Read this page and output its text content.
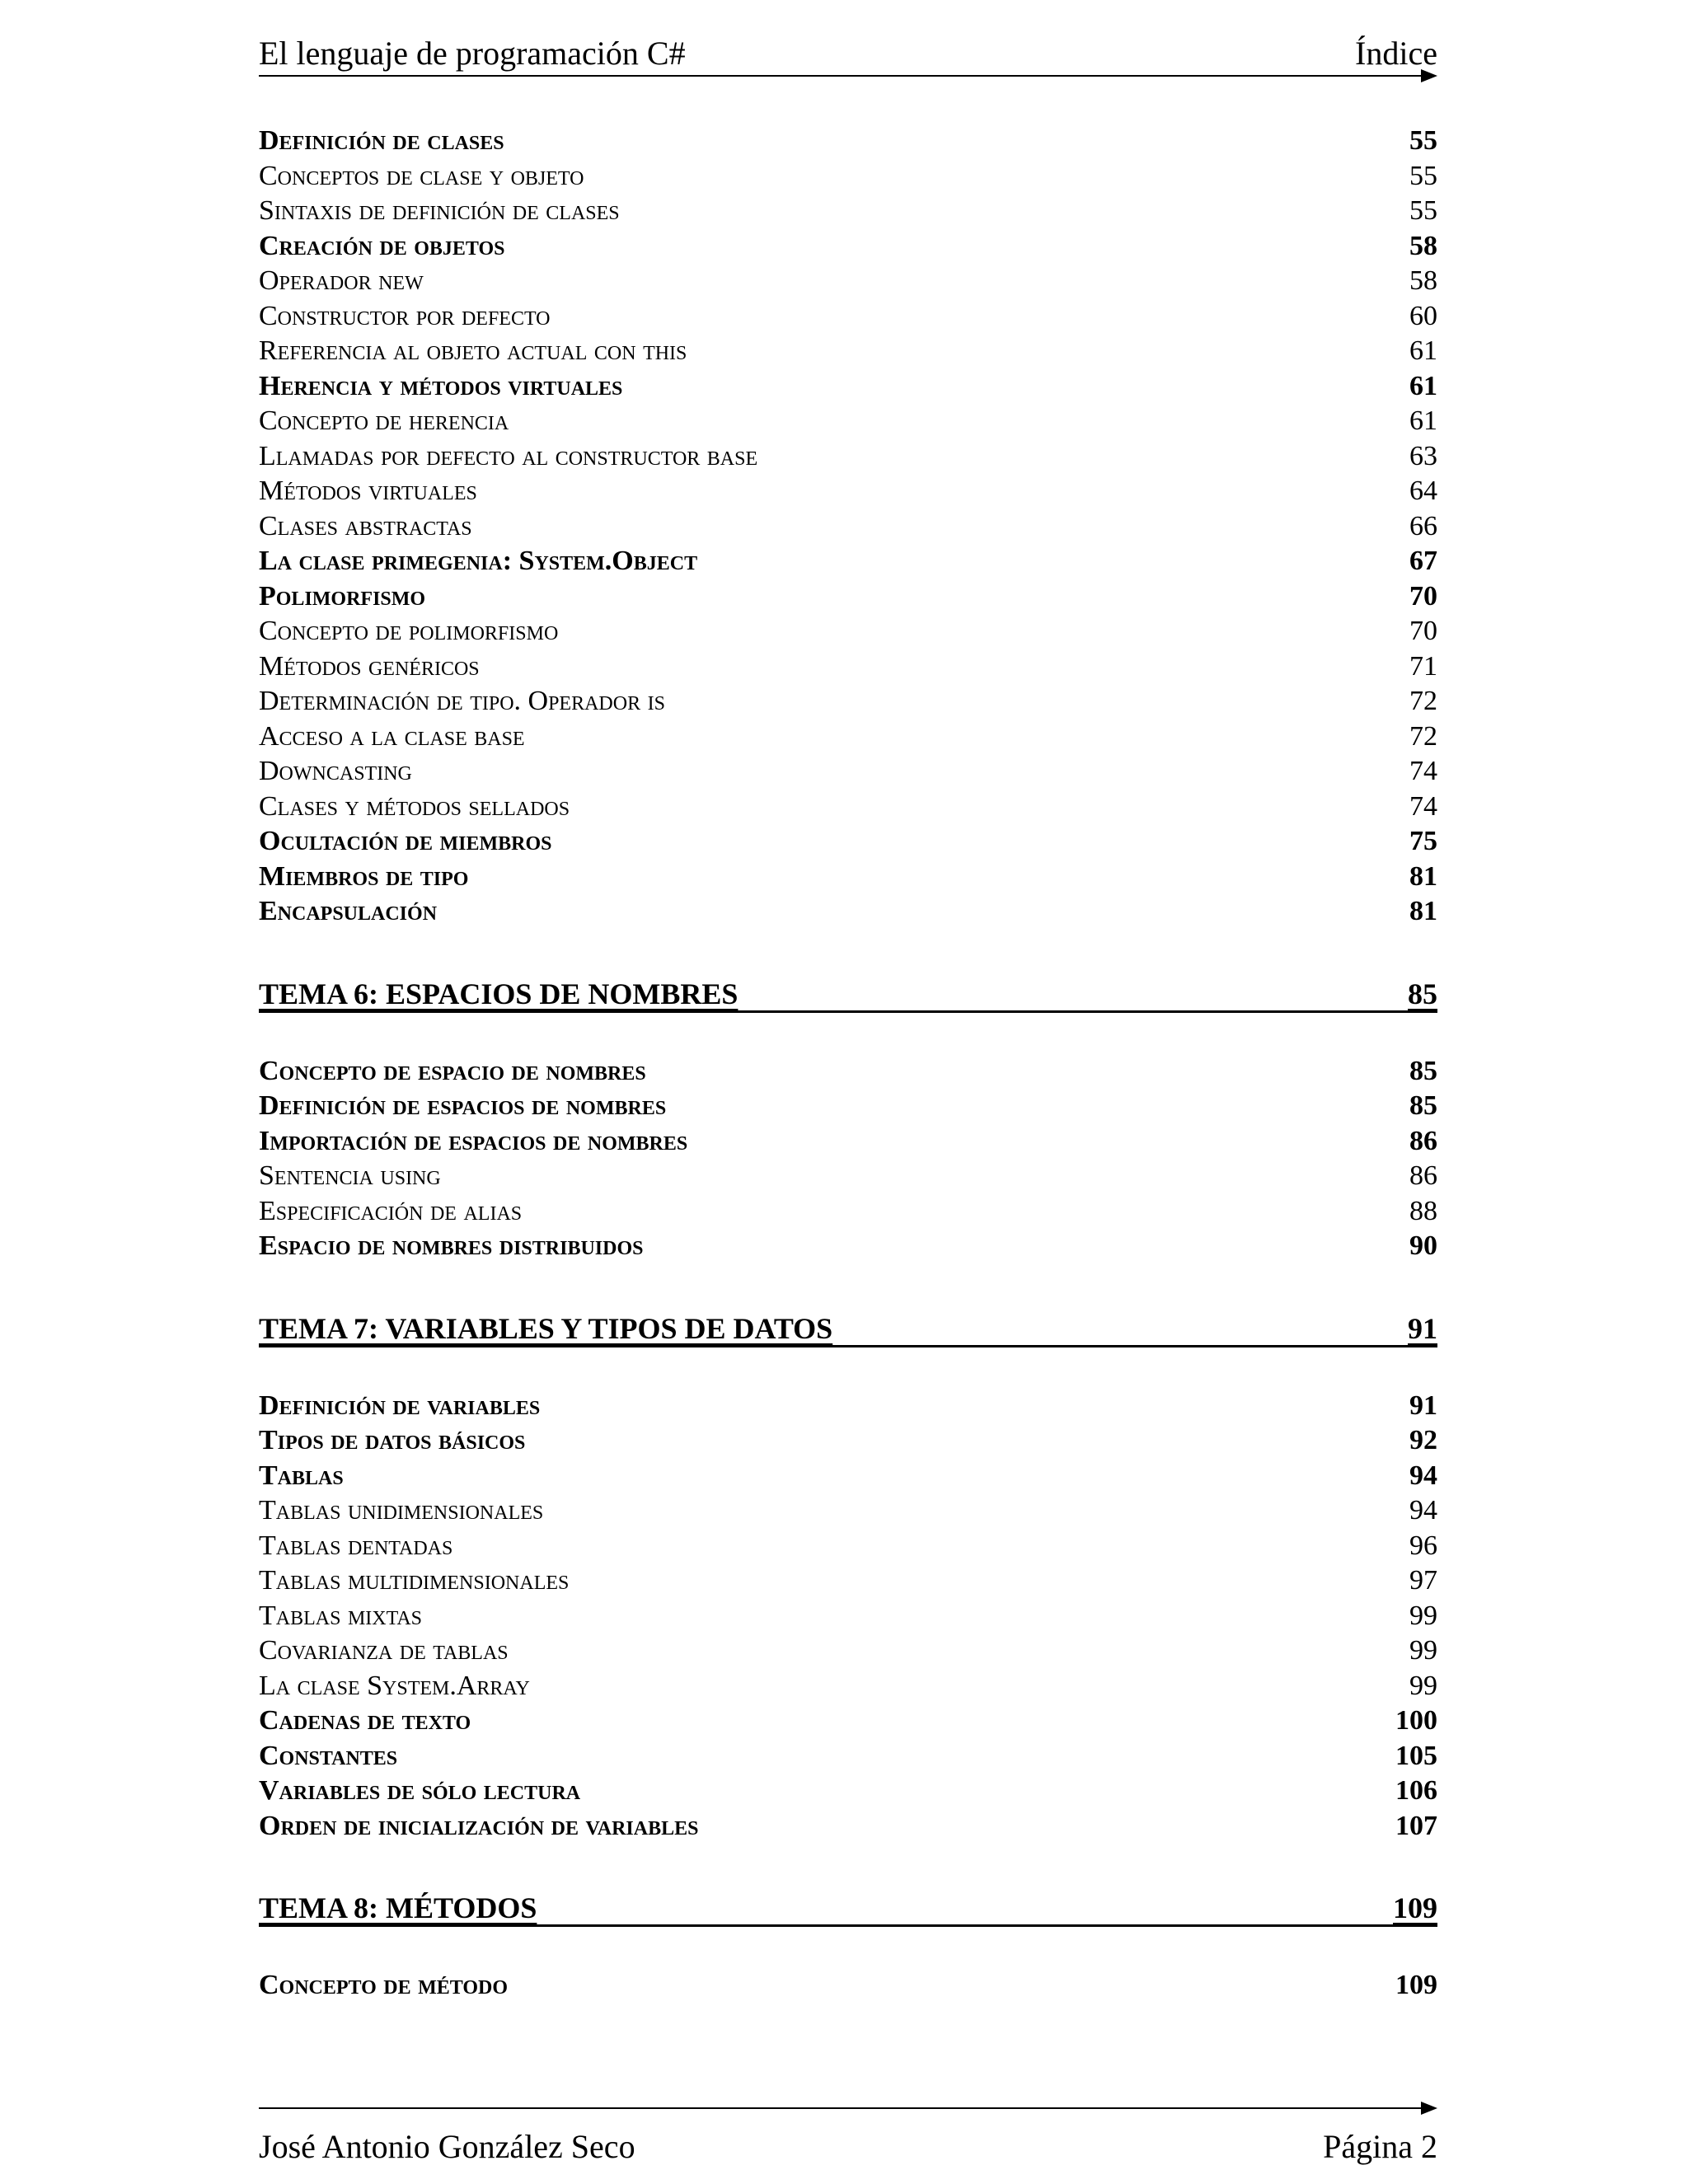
El lenguaje de programación C#	Índice
Definición de clases	55
Conceptos de clase y objeto	55
Sintaxis de definición de clases	55
Creación de objetos	58
Operador new	58
Constructor por defecto	60
Referencia al objeto actual con this	61
Herencia y métodos virtuales	61
Concepto de herencia	61
Llamadas por defecto al constructor base	63
Métodos virtuales	64
Clases abstractas	66
La clase primegenia: System.Object	67
Polimorfismo	70
Concepto de polimorfismo	70
Métodos genéricos	71
Determinación de tipo. Operador is	72
Acceso a la clase base	72
Downcasting	74
Clases y métodos sellados	74
Ocultación de miembros	75
Miembros de tipo	81
Encapsulación	81
TEMA 6: ESPACIOS DE NOMBRES	85
Concepto de espacio de nombres	85
Definición de espacios de nombres	85
Importación de espacios de nombres	86
Sentencia using	86
Especificación de alias	88
Espacio de nombres distribuidos	90
TEMA 7: VARIABLES Y TIPOS DE DATOS	91
Definición de variables	91
Tipos de datos básicos	92
Tablas	94
Tablas unidimensionales	94
Tablas dentadas	96
Tablas multidimensionales	97
Tablas mixtas	99
Covarianza de tablas	99
La clase System.Array	99
Cadenas de texto	100
Constantes	105
Variables de sólo lectura	106
Orden de inicialización de variables	107
TEMA 8: MÉTODOS	109
Concepto de método	109
José Antonio González Seco	Página 2
